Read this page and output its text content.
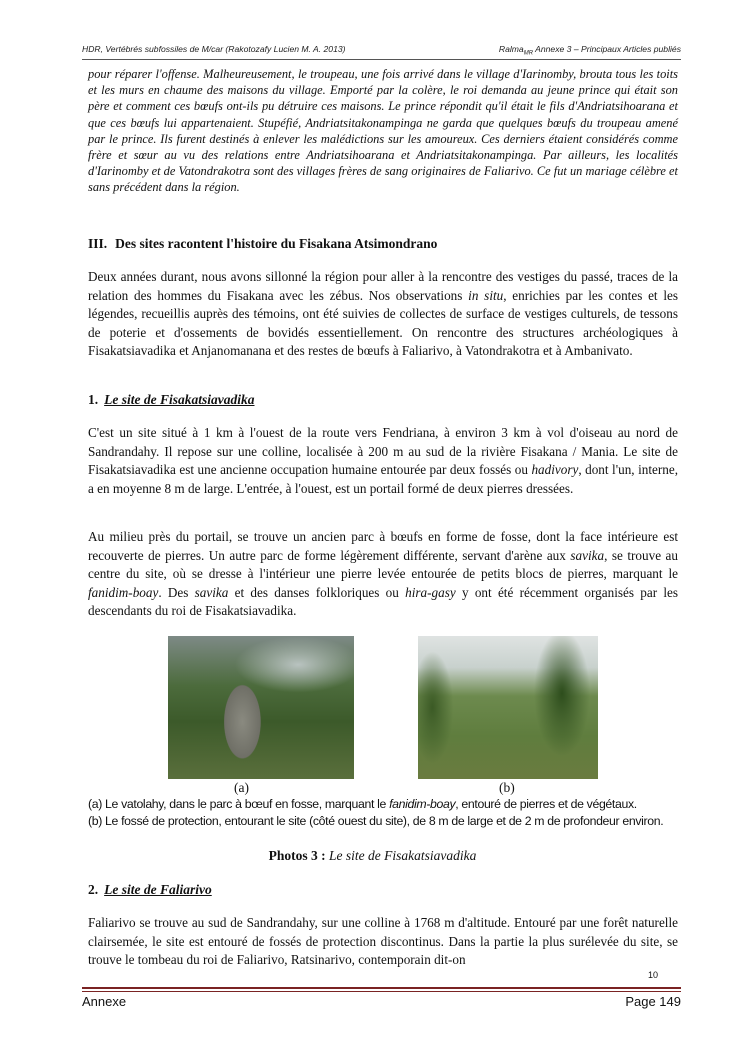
HDR, Vertébrés subfossiles de M/car (Rakotozafy Lucien M. A. 2013)	Ralma$_{MR}$ Annexe 3 – Principaux Articles publiés

pour réparer l'offense. Malheureusement, le troupeau, une fois arrivé dans le village d'Iarinomby, brouta tous les toits et les murs en chaume des maisons du village. Emporté par la colère, le roi demanda au jeune prince qui était son père et comment ces bœufs ont-ils pu détruire ces maisons. Le prince répondit qu'il était le fils d'Andriatsihoarana et que ces bœufs lui appartenaient. Stupéfié, Andriatsitakonampinga ne garda que quelques bœufs du troupeau amené par le prince. Ils furent destinés à enlever les malédictions sur les amoureux. Ces derniers étaient considérés comme frère et sœur au vu des relations entre Andriatsihoarana et Andriatsitakonampinga. Par ailleurs, les localités d'Iarinomby et de Vatondrakotra sont des villages frères de sang originaires de Faliarivo. Ce fut un mariage célèbre et sans précédent dans la région.

III. Des sites racontent l'histoire du Fisakana Atsimondrano

Deux années durant, nous avons sillonné la région pour aller à la rencontre des vestiges du passé, traces de la relation des hommes du Fisakana avec les zébus. Nos observations in situ, enrichies par les contes et les légendes, recueillis auprès des témoins, ont été suivies de collectes de surface de vestiges culturels, de tessons de poterie et d'ossements de bovidés essentiellement. On rencontre des structures archéologiques à Fisakatsiavadika et Anjanomanana et des restes de bœufs à Faliarivo, à Vatondrakotra et à Ambanivato.

1. Le site de Fisakatsiavadika

C'est un site situé à 1 km à l'ouest de la route vers Fendriana, à environ 3 km à vol d'oiseau au nord de Sandrandahy. Il repose sur une colline, localisée à 200 m au sud de la rivière Fisakana / Mania. Le site de Fisakatsiavadika est une ancienne occupation humaine entourée par deux fossés ou hadivory, dont l'un, interne, a en moyenne 8 m de large. L'entrée, à l'ouest, est un portail formé de deux pierres dressées.

Au milieu près du portail, se trouve un ancien parc à bœufs en forme de fosse, dont la face intérieure est recouverte de pierres. Un autre parc de forme légèrement différente, servant d'arène aux savika, se trouve au centre du site, où se dresse à l'intérieur une pierre levée entourée de petits blocs de pierres, marquant le fanidim-boay. Des savika et des danses folkloriques ou hira-gasy y ont été récemment organisés par les descendants du roi de Fisakatsiavadika.

(a)	(b)

(a) Le vatolahy, dans le parc à bœuf en fosse, marquant le fanidim-boay, entouré de pierres et de végétaux.

(b) Le fossé de protection, entourant le site (côté ouest du site), de 8 m de large et de 2 m de profondeur environ.

Photos 3 : Le site de Fisakatsiavadika
2. Le site de Faliarivo

Faliarivo se trouve au sud de Sandrandahy, sur une colline à 1768 m d'altitude. Entouré par une forêt naturelle clairsemée, le site est entouré de fossés de protection discontinus. Dans la partie la plus surélevée du site, se trouve le tombeau du roi de Faliarivo, Ratsinarivo, contemporain dit-on

10
Annexe	Page 149
